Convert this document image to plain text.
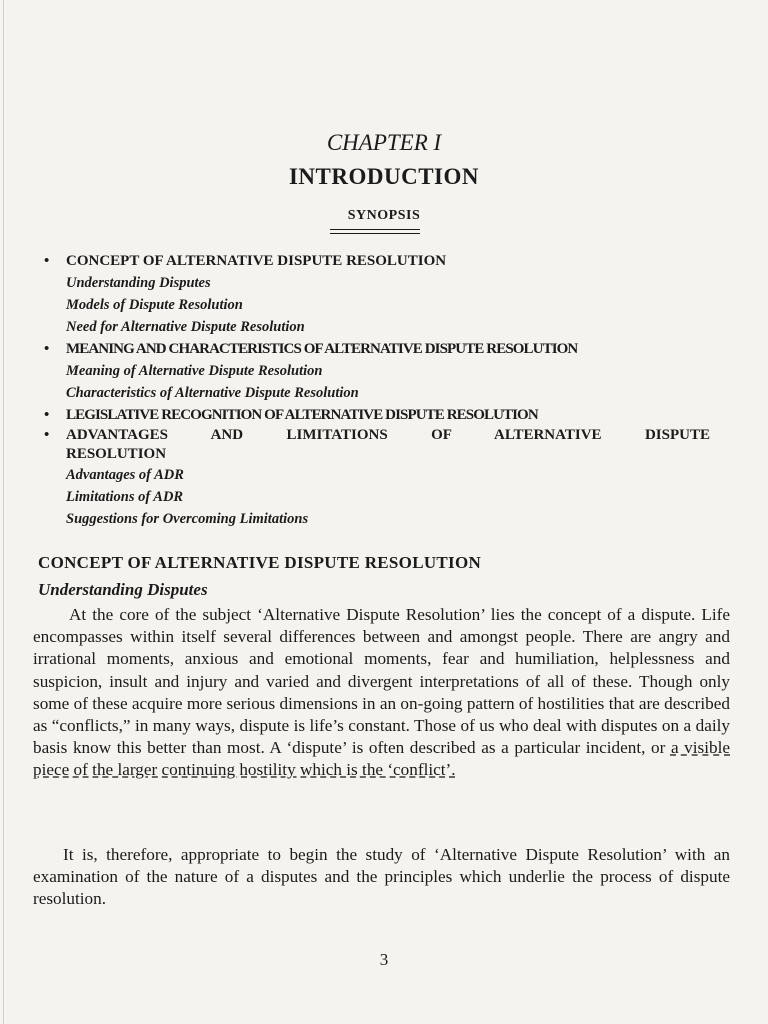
CHAPTER I
INTRODUCTION
SYNOPSIS
• CONCEPT OF ALTERNATIVE DISPUTE RESOLUTION
Understanding Disputes
Models of Dispute Resolution
Need for Alternative Dispute Resolution
• MEANING AND CHARACTERISTICS OF ALTERNATIVE DISPUTE RESOLUTION
Meaning of Alternative Dispute Resolution
Characteristics of Alternative Dispute Resolution
• LEGISLATIVE RECOGNITION OF ALTERNATIVE DISPUTE RESOLUTION
• ADVANTAGES AND LIMITATIONS OF ALTERNATIVE DISPUTE RESOLUTION
Advantages of ADR
Limitations of ADR
Suggestions for Overcoming Limitations
CONCEPT OF ALTERNATIVE DISPUTE RESOLUTION
Understanding Disputes
At the core of the subject ‘Alternative Dispute Resolution’ lies the concept of a dispute. Life encompasses within itself several differences between and amongst people. There are angry and irrational moments, anxious and emotional moments, fear and humiliation, helplessness and suspicion, insult and injury and varied and divergent interpretations of all of these. Though only some of these acquire more serious dimensions in an on-going pattern of hostilities that are described as “conflicts,” in many ways, dispute is life’s constant. Those of us who deal with disputes on a daily basis know this better than most. A ‘dispute’ is often described as a particular incident, or a visible piece of the larger continuing hostility which is the ‘conflict’.
It is, therefore, appropriate to begin the study of ‘Alternative Dispute Resolution’ with an examination of the nature of a disputes and the principles which underlie the process of dispute resolution.
3
